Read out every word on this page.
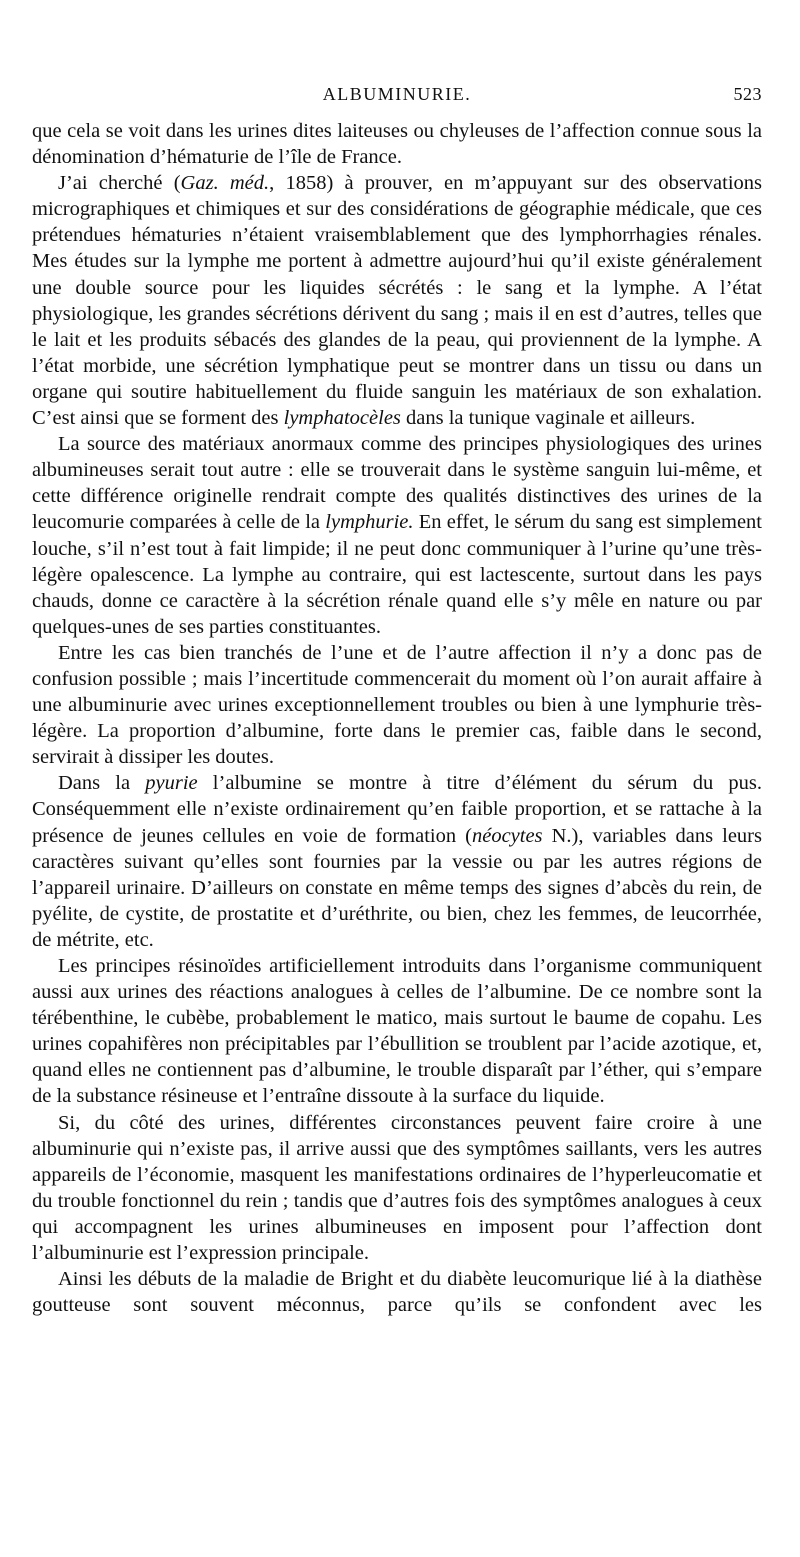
ALBUMINURIE.	523

que cela se voit dans les urines dites laiteuses ou chyleuses de l’affection connue sous la dénomination d’hématurie de l’île de France.

J’ai cherché (Gaz. méd., 1858) à prouver, en m’appuyant sur des observations micrographiques et chimiques et sur des considérations de géographie médicale, que ces prétendues hématuries n’étaient vraisemblablement que des lymphorrhagies rénales. Mes études sur la lymphe me portent à admettre aujourd’hui qu’il existe généralement une double source pour les liquides sécrétés : le sang et la lymphe. A l’état physiologique, les grandes sécrétions dérivent du sang ; mais il en est d’autres, telles que le lait et les produits sébacés des glandes de la peau, qui proviennent de la lymphe. A l’état morbide, une sécrétion lymphatique peut se montrer dans un tissu ou dans un organe qui soutire habituellement du fluide sanguin les matériaux de son exhalation. C’est ainsi que se forment des lymphatocèles dans la tunique vaginale et ailleurs.

La source des matériaux anormaux comme des principes physiologiques des urines albumineuses serait tout autre : elle se trouverait dans le système sanguin lui-même, et cette différence originelle rendrait compte des qualités distinctives des urines de la leucomurie comparées à celle de la lymphurie. En effet, le sérum du sang est simplement louche, s’il n’est tout à fait limpide; il ne peut donc communiquer à l’urine qu’une très-légère opalescence. La lymphe au contraire, qui est lactescente, surtout dans les pays chauds, donne ce caractère à la sécrétion rénale quand elle s’y mêle en nature ou par quelques-unes de ses parties constituantes.

Entre les cas bien tranchés de l’une et de l’autre affection il n’y a donc pas de confusion possible ; mais l’incertitude commencerait du moment où l’on aurait affaire à une albuminurie avec urines exceptionnellement troubles ou bien à une lymphurie très-légère. La proportion d’albumine, forte dans le premier cas, faible dans le second, servirait à dissiper les doutes.

Dans la pyurie l’albumine se montre à titre d’élément du sérum du pus. Conséquemment elle n’existe ordinairement qu’en faible proportion, et se rattache à la présence de jeunes cellules en voie de formation (néocytes N.), variables dans leurs caractères suivant qu’elles sont fournies par la vessie ou par les autres régions de l’appareil urinaire. D’ailleurs on constate en même temps des signes d’abcès du rein, de pyélite, de cystite, de prostatite et d’uréthrite, ou bien, chez les femmes, de leucorrhée, de métrite, etc.

Les principes résinoïdes artificiellement introduits dans l’organisme communiquent aussi aux urines des réactions analogues à celles de l’albumine. De ce nombre sont la térébenthine, le cubèbe, probablement le matico, mais surtout le baume de copahu. Les urines copahifères non précipitables par l’ébullition se troublent par l’acide azotique, et, quand elles ne contiennent pas d’albumine, le trouble disparaît par l’éther, qui s’empare de la substance résineuse et l’entraîne dissoute à la surface du liquide.

Si, du côté des urines, différentes circonstances peuvent faire croire à une albuminurie qui n’existe pas, il arrive aussi que des symptômes saillants, vers les autres appareils de l’économie, masquent les manifestations ordinaires de l’hyperleucomatie et du trouble fonctionnel du rein ; tandis que d’autres fois des symptômes analogues à ceux qui accompagnent les urines albumineuses en imposent pour l’affection dont l’albuminurie est l’expression principale.

Ainsi les débuts de la maladie de Bright et du diabète leucomurique lié à la diathèse goutteuse sont souvent méconnus, parce qu’ils se confondent avec les
